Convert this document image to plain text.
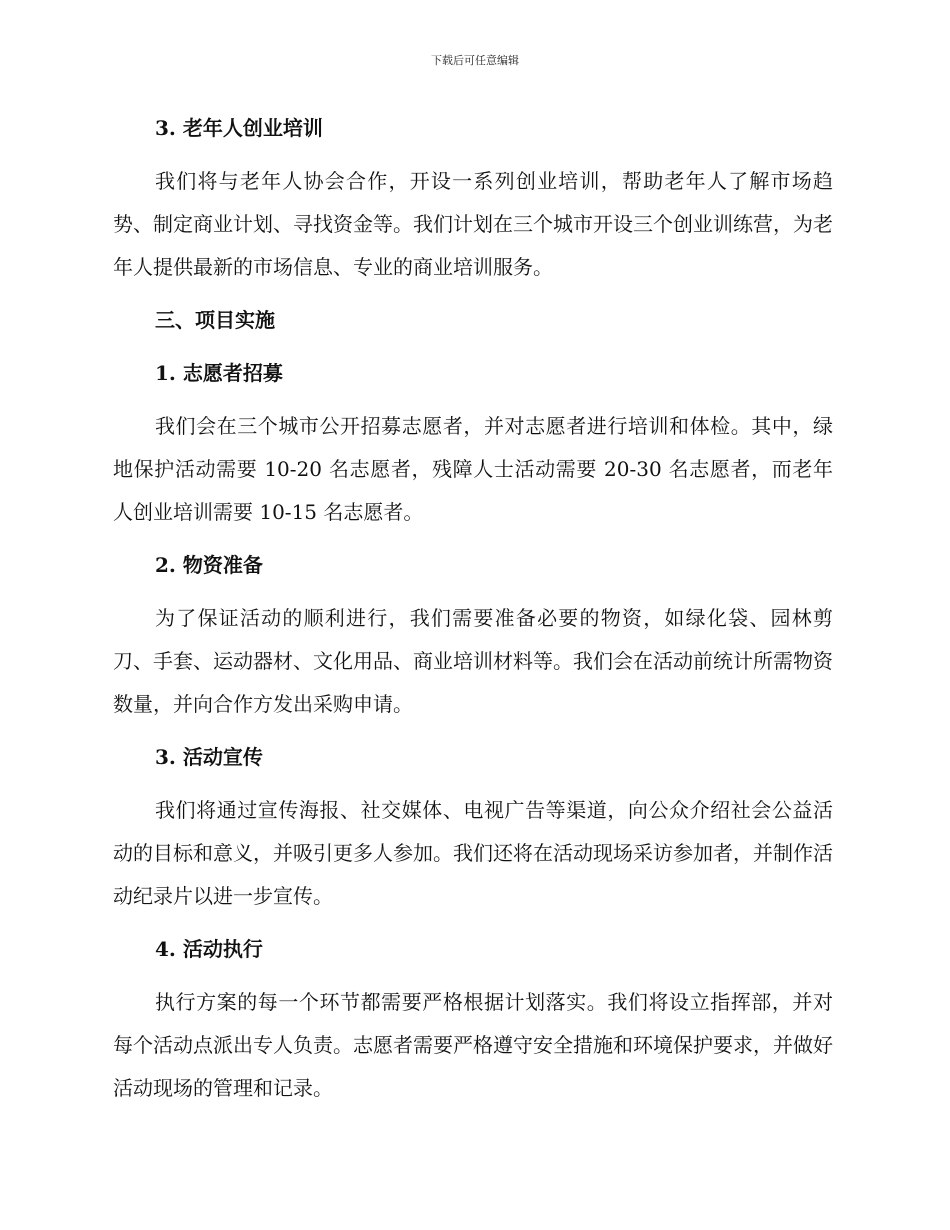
下载后可任意编辑
3. 老年人创业培训

我们将与老年人协会合作，开设一系列创业培训，帮助老年人了解市场趋势、制定商业计划、寻找资金等。我们计划在三个城市开设三个创业训练营，为老年人提供最新的市场信息、专业的商业培训服务。

三、项目实施
1. 志愿者招募

我们会在三个城市公开招募志愿者，并对志愿者进行培训和体检。其中，绿地保护活动需要 10-20 名志愿者，残障人士活动需要 20-30 名志愿者，而老年人创业培训需要 10-15 名志愿者。

2. 物资准备

为了保证活动的顺利进行，我们需要准备必要的物资，如绿化袋、园林剪刀、手套、运动器材、文化用品、商业培训材料等。我们会在活动前统计所需物资数量，并向合作方发出采购申请。

3. 活动宣传

我们将通过宣传海报、社交媒体、电视广告等渠道，向公众介绍社会公益活动的目标和意义，并吸引更多人参加。我们还将在活动现场采访参加者，并制作活动纪录片以进一步宣传。

4. 活动执行

执行方案的每一个环节都需要严格根据计划落实。我们将设立指挥部，并对每个活动点派出专人负责。志愿者需要严格遵守安全措施和环境保护要求，并做好活动现场的管理和记录。
